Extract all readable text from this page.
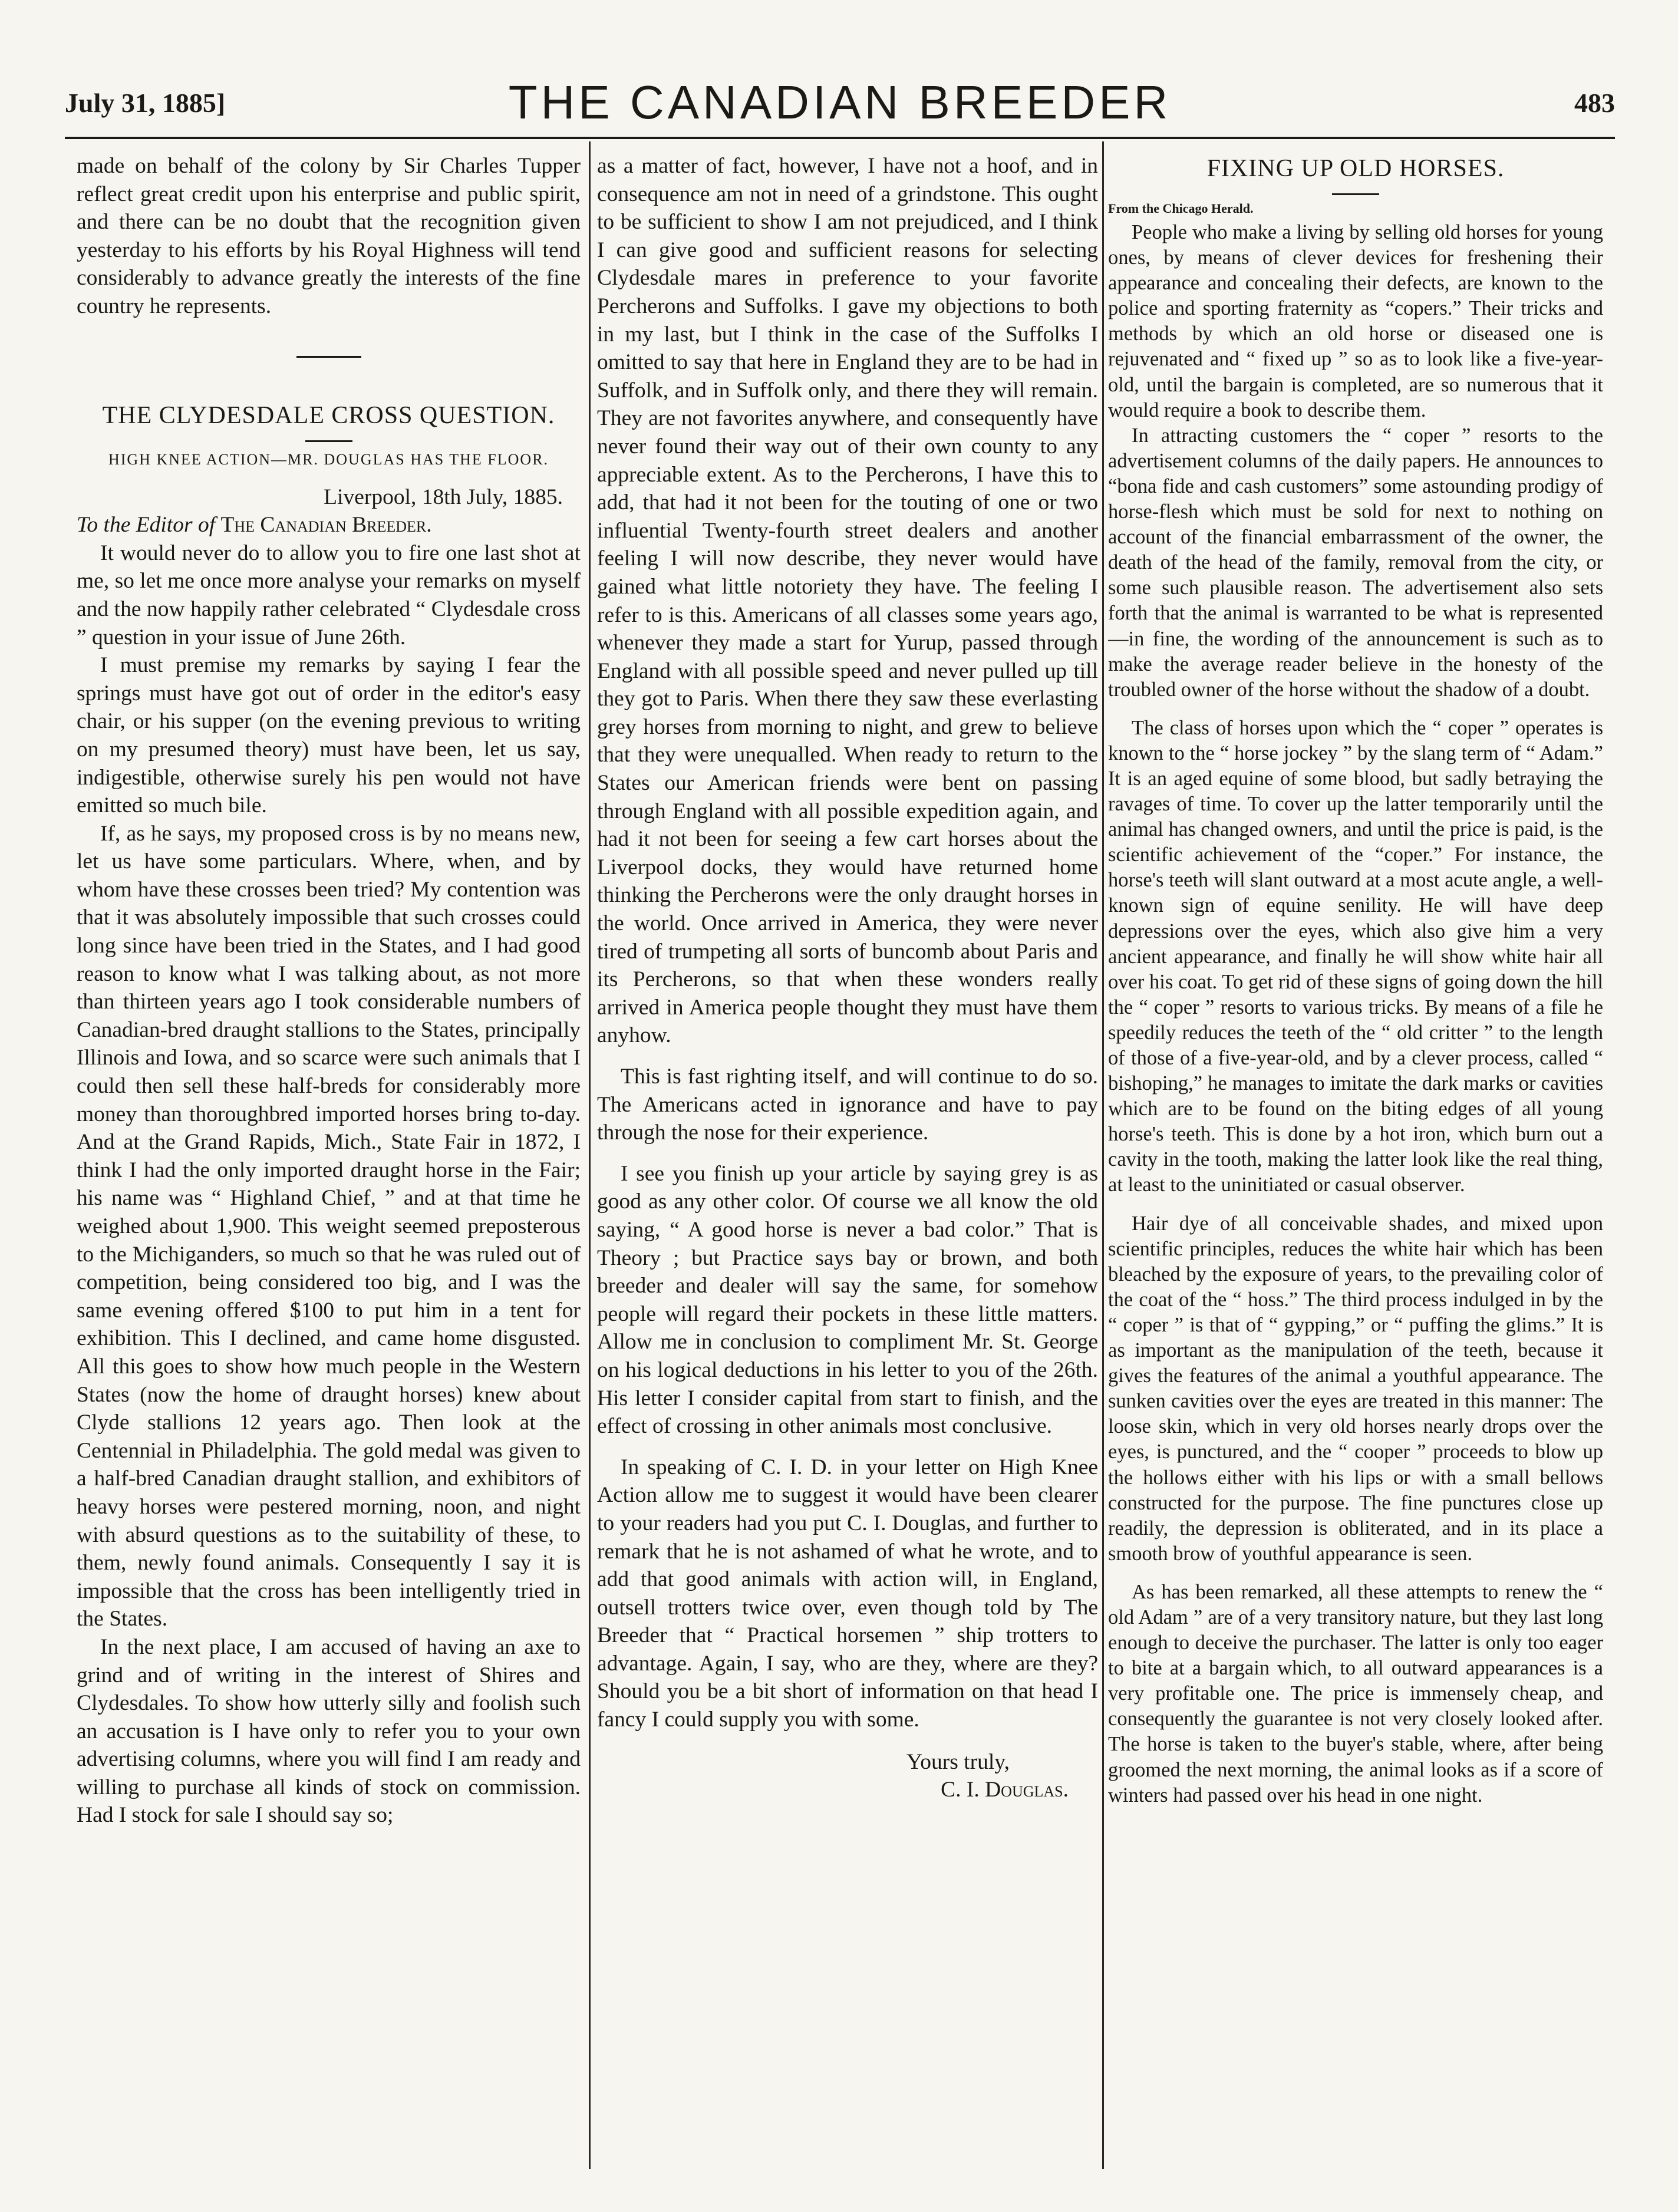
July 31, 1885]	THE CANADIAN BREEDER	483

made on behalf of the colony by Sir Charles Tupper reflect great credit upon his enterprise and public spirit, and there can be no doubt that the recognition given yesterday to his efforts by his Royal Highness will tend considerably to advance greatly the interests of the fine country he represents.

THE CLYDESDALE CROSS QUESTION.

HIGH KNEE ACTION—MR. DOUGLAS HAS THE FLOOR.

Liverpool, 18th July, 1885.

To the Editor of The Canadian Breeder.

It would never do to allow you to fire one last shot at me, so let me once more analyse your remarks on myself and the now happily rather celebrated “ Clydesdale cross ” question in your issue of June 26th.

I must premise my remarks by saying I fear the springs must have got out of order in the editor's easy chair, or his supper (on the evening previous to writing on my presumed theory) must have been, let us say, indigestible, otherwise surely his pen would not have emitted so much bile.

If, as he says, my proposed cross is by no means new, let us have some particulars. Where, when, and by whom have these crosses been tried? My contention was that it was absolutely impossible that such crosses could long since have been tried in the States, and I had good reason to know what I was talking about, as not more than thirteen years ago I took considerable numbers of Canadian-bred draught stallions to the States, principally Illinois and Iowa, and so scarce were such animals that I could then sell these half-breds for considerably more money than thoroughbred imported horses bring to-day. And at the Grand Rapids, Mich., State Fair in 1872, I think I had the only imported draught horse in the Fair; his name was “ Highland Chief, ” and at that time he weighed about 1,900. This weight seemed preposterous to the Michiganders, so much so that he was ruled out of competition, being considered too big, and I was the same evening offered $100 to put him in a tent for exhibition. This I declined, and came home disgusted. All this goes to show how much people in the Western States (now the home of draught horses) knew about Clyde stallions 12 years ago. Then look at the Centennial in Philadelphia. The gold medal was given to a half-bred Canadian draught stallion, and exhibitors of heavy horses were pestered morning, noon, and night with absurd questions as to the suitability of these, to them, newly found animals. Consequently I say it is impossible that the cross has been intelligently tried in the States.

In the next place, I am accused of having an axe to grind and of writing in the interest of Shires and Clydesdales. To show how utterly silly and foolish such an accusation is I have only to refer you to your own advertising columns, where you will find I am ready and willing to purchase all kinds of stock on commission. Had I stock for sale I should say so;

as a matter of fact, however, I have not a hoof, and in consequence am not in need of a grindstone. This ought to be sufficient to show I am not prejudiced, and I think I can give good and sufficient reasons for selecting Clydesdale mares in preference to your favorite Percherons and Suffolks. I gave my objections to both in my last, but I think in the case of the Suffolks I omitted to say that here in England they are to be had in Suffolk, and in Suffolk only, and there they will remain. They are not favorites anywhere, and consequently have never found their way out of their own county to any appreciable extent. As to the Percherons, I have this to add, that had it not been for the touting of one or two influential Twenty-fourth street dealers and another feeling I will now describe, they never would have gained what little notoriety they have. The feeling I refer to is this. Americans of all classes some years ago, whenever they made a start for Yurup, passed through England with all possible speed and never pulled up till they got to Paris. When there they saw these everlasting grey horses from morning to night, and grew to believe that they were unequalled. When ready to return to the States our American friends were bent on passing through England with all possible expedition again, and had it not been for seeing a few cart horses about the Liverpool docks, they would have returned home thinking the Percherons were the only draught horses in the world. Once arrived in America, they were never tired of trumpeting all sorts of buncomb about Paris and its Percherons, so that when these wonders really arrived in America people thought they must have them anyhow.

This is fast righting itself, and will continue to do so. The Americans acted in ignorance and have to pay through the nose for their experience.

I see you finish up your article by saying grey is as good as any other color. Of course we all know the old saying, “ A good horse is never a bad color.” That is Theory ; but Practice says bay or brown, and both breeder and dealer will say the same, for somehow people will regard their pockets in these little matters. Allow me in conclusion to compliment Mr. St. George on his logical deductions in his letter to you of the 26th. His letter I consider capital from start to finish, and the effect of crossing in other animals most conclusive.

In speaking of C. I. D. in your letter on High Knee Action allow me to suggest it would have been clearer to your readers had you put C. I. Douglas, and further to remark that he is not ashamed of what he wrote, and to add that good animals with action will, in England, outsell trotters twice over, even though told by The Breeder that “ Practical horsemen ” ship trotters to advantage. Again, I say, who are they, where are they? Should you be a bit short of information on that head I fancy I could supply you with some.

Yours truly,

C. I. Douglas.

FIXING UP OLD HORSES.

From the Chicago Herald.

People who make a living by selling old horses for young ones, by means of clever devices for freshening their appearance and concealing their defects, are known to the police and sporting fraternity as “copers.” Their tricks and methods by which an old horse or diseased one is rejuvenated and “ fixed up ” so as to look like a five-year-old, until the bargain is completed, are so numerous that it would require a book to describe them.

In attracting customers the “ coper ” resorts to the advertisement columns of the daily papers. He announces to “bona fide and cash customers” some astounding prodigy of horse-flesh which must be sold for next to nothing on account of the financial embarrassment of the owner, the death of the head of the family, removal from the city, or some such plausible reason. The advertisement also sets forth that the animal is warranted to be what is represented—in fine, the wording of the announcement is such as to make the average reader believe in the honesty of the troubled owner of the horse without the shadow of a doubt.

The class of horses upon which the “ coper ” operates is known to the “ horse jockey ” by the slang term of “ Adam.” It is an aged equine of some blood, but sadly betraying the ravages of time. To cover up the latter temporarily until the animal has changed owners, and until the price is paid, is the scientific achievement of the “coper.” For instance, the horse's teeth will slant outward at a most acute angle, a well-known sign of equine senility. He will have deep depressions over the eyes, which also give him a very ancient appearance, and finally he will show white hair all over his coat. To get rid of these signs of going down the hill the “ coper ” resorts to various tricks. By means of a file he speedily reduces the teeth of the “ old critter ” to the length of those of a five-year-old, and by a clever process, called “ bishoping,” he manages to imitate the dark marks or cavities which are to be found on the biting edges of all young horse's teeth. This is done by a hot iron, which burn out a cavity in the tooth, making the latter look like the real thing, at least to the uninitiated or casual observer.

Hair dye of all conceivable shades, and mixed upon scientific principles, reduces the white hair which has been bleached by the exposure of years, to the prevailing color of the coat of the “ hoss.” The third process indulged in by the “ coper ” is that of “ gypping,” or “ puffing the glims.” It is as important as the manipulation of the teeth, because it gives the features of the animal a youthful appearance. The sunken cavities over the eyes are treated in this manner: The loose skin, which in very old horses nearly drops over the eyes, is punctured, and the “ cooper ” proceeds to blow up the hollows either with his lips or with a small bellows constructed for the purpose. The fine punctures close up readily, the depression is obliterated, and in its place a smooth brow of youthful appearance is seen.

As has been remarked, all these attempts to renew the “ old Adam ” are of a very transitory nature, but they last long enough to deceive the purchaser. The latter is only too eager to bite at a bargain which, to all outward appearances is a very profitable one. The price is immensely cheap, and consequently the guarantee is not very closely looked after. The horse is taken to the buyer's stable, where, after being groomed the next morning, the animal looks as if a score of winters had passed over his head in one night.
